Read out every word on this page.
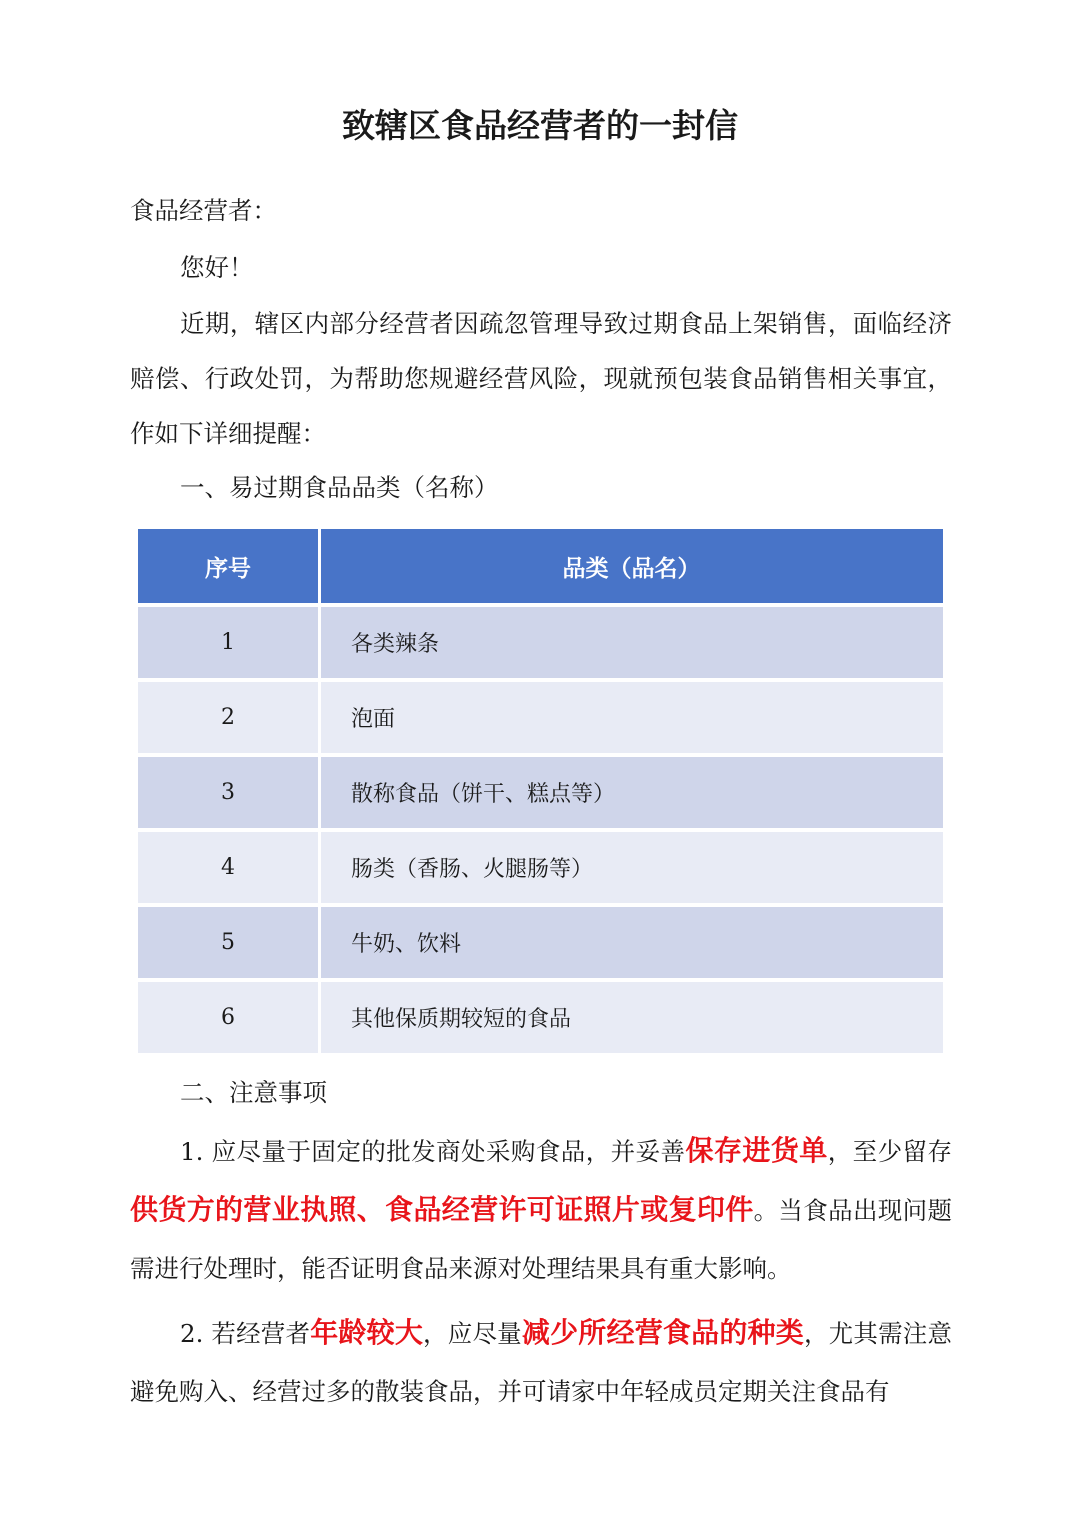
致辖区食品经营者的一封信
食品经营者：
您好！
近期，辖区内部分经营者因疏忽管理导致过期食品上架销售，面临经济赔偿、行政处罚，为帮助您规避经营风险，现就预包装食品销售相关事宜，作如下详细提醒：
一、易过期食品品类（名称）
序号	品类（品名）
1	各类辣条
2	泡面
3	散称食品（饼干、糕点等）
4	肠类（香肠、火腿肠等）
5	牛奶、饮料
6	其他保质期较短的食品
二、注意事项
1. 应尽量于固定的批发商处采购食品，并妥善保存进货单，至少留存供货方的营业执照、食品经营许可证照片或复印件。当食品出现问题需进行处理时，能否证明食品来源对处理结果具有重大影响。
2. 若经营者年龄较大，应尽量减少所经营食品的种类，尤其需注意避免购入、经营过多的散装食品，并可请家中年轻成员定期关注食品有
